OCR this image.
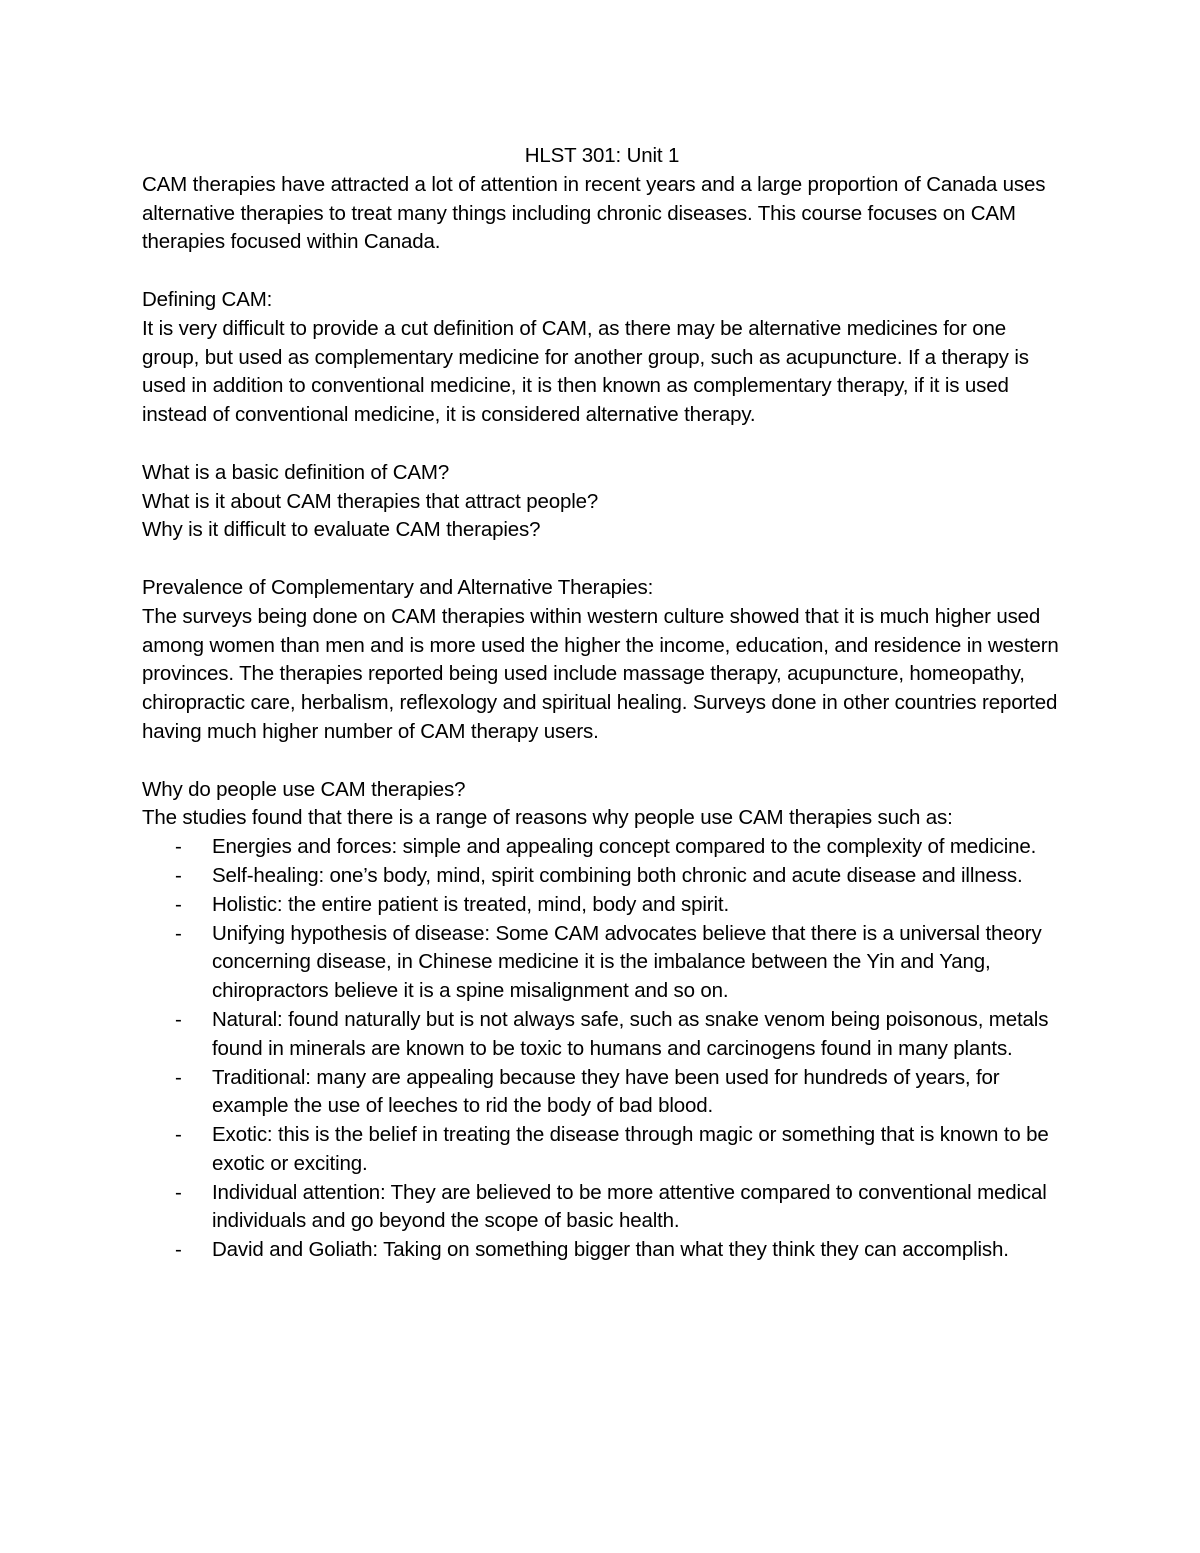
HLST 301: Unit 1

CAM therapies have attracted a lot of attention in recent years and a large proportion of Canada uses alternative therapies to treat many things including chronic diseases. This course focuses on CAM therapies focused within Canada.

Defining CAM:

It is very difficult to provide a cut definition of CAM, as there may be alternative medicines for one group, but used as complementary medicine for another group, such as acupuncture. If a therapy is used in addition to conventional medicine, it is then known as complementary therapy, if it is used instead of conventional medicine, it is considered alternative therapy.

What is a basic definition of CAM?

What is it about CAM therapies that attract people?

Why is it difficult to evaluate CAM therapies?

Prevalence of Complementary and Alternative Therapies:

The surveys being done on CAM therapies within western culture showed that it is much higher used among women than men and is more used the higher the income, education, and residence in western provinces. The therapies reported being used include massage therapy, acupuncture, homeopathy, chiropractic care, herbalism, reflexology and spiritual healing. Surveys done in other countries reported having much higher number of CAM therapy users.

Why do people use CAM therapies?

The studies found that there is a range of reasons why people use CAM therapies such as:

- Energies and forces: simple and appealing concept compared to the complexity of medicine.
- Self-healing: one’s body, mind, spirit combining both chronic and acute disease and illness.
- Holistic: the entire patient is treated, mind, body and spirit.
- Unifying hypothesis of disease: Some CAM advocates believe that there is a universal theory concerning disease, in Chinese medicine it is the imbalance between the Yin and Yang, chiropractors believe it is a spine misalignment and so on.
- Natural: found naturally but is not always safe, such as snake venom being poisonous, metals found in minerals are known to be toxic to humans and carcinogens found in many plants.
- Traditional: many are appealing because they have been used for hundreds of years, for example the use of leeches to rid the body of bad blood.
- Exotic: this is the belief in treating the disease through magic or something that is known to be exotic or exciting.
- Individual attention: They are believed to be more attentive compared to conventional medical individuals and go beyond the scope of basic health.
- David and Goliath: Taking on something bigger than what they think they can accomplish.
